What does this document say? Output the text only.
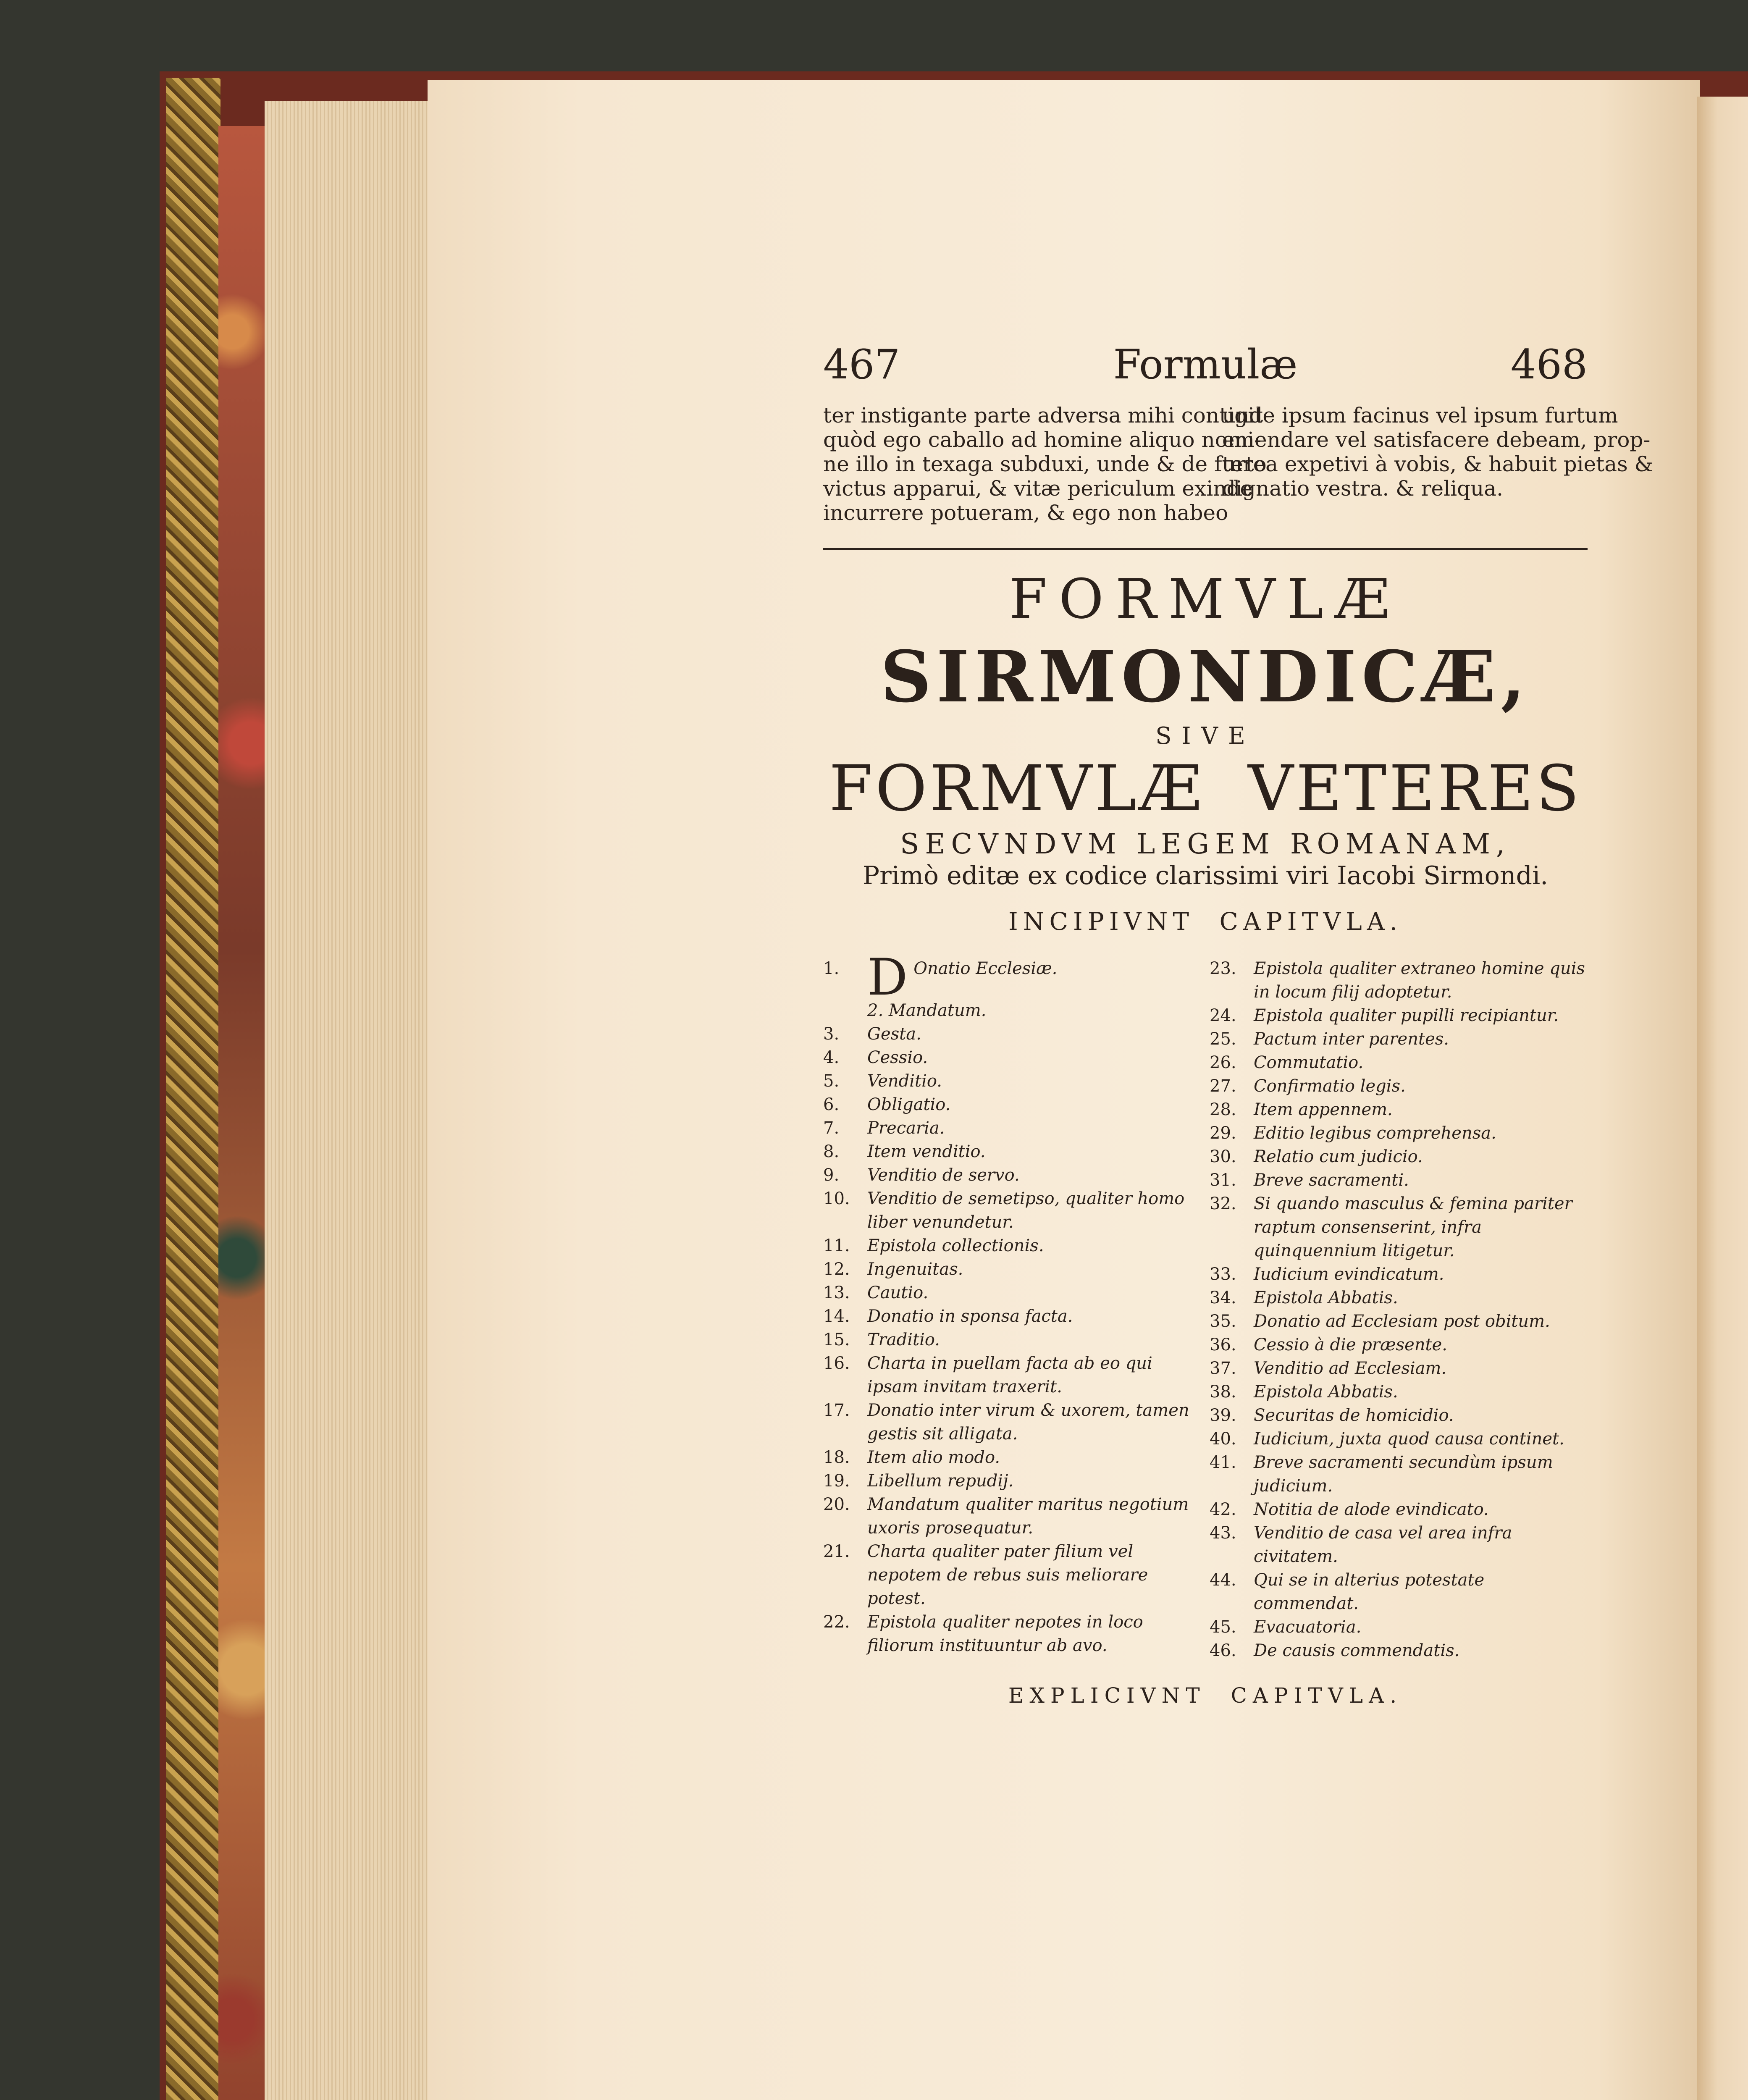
467	Formulæ	468
ter instigante parte adversa mihi contigit
quòd ego caballo ad homine aliquo nomi-
ne illo in texaga subduxi, unde & de furto
victus apparui, & vitæ periculum exinde
incurrere potueram, & ego non habeo
unde ipsum facinus vel ipsum furtum
emendare vel satisfacere debeam, prop-
terea expetivi à vobis, & habuit pietas &
dignatio vestra. & reliqua.
FORMVLÆ
SIRMONDICÆ,
SIVE
FORMVLÆ VETERES
SECVNDVM LEGEM ROMANAM,
Primò editæ ex codice clarissimi viri Iacobi Sirmondi.
INCIPIVNT CAPITVLA.
1. D Onatio Ecclesiæ.
2. Mandatum.
3.	Gesta.
4.	Cessio.
5.	Venditio.
6.	Obligatio.
7.	Precaria.
8.	Item venditio.
9.	Venditio de servo.
10.	Venditio de semetipso, qualiter homo liber venundetur.
11.	Epistola collectionis.
12.	Ingenuitas.
13.	Cautio.
14.	Donatio in sponsa facta.
15.	Traditio.
16.	Charta in puellam facta ab eo qui ipsam invitam traxerit.
17.	Donatio inter virum & uxorem, tamen gestis sit alligata.
18.	Item alio modo.
19.	Libellum repudij.
20.	Mandatum qualiter maritus negotium uxoris prosequatur.
21.	Charta qualiter pater filium vel nepotem de rebus suis meliorare potest.
22.	Epistola qualiter nepotes in loco filiorum instituuntur ab avo.
23.	Epistola qualiter extraneo homine quis in locum filij adoptetur.
24.	Epistola qualiter pupilli recipiantur.
25.	Pactum inter parentes.
26.	Commutatio.
27.	Confirmatio legis.
28.	Item appennem.
29.	Editio legibus comprehensa.
30.	Relatio cum judicio.
31.	Breve sacramenti.
32.	Si quando masculus & femina pariter raptum consenserint, infra quinquennium litigetur.
33.	Iudicium evindicatum.
34.	Epistola Abbatis.
35.	Donatio ad Ecclesiam post obitum.
36.	Cessio à die præsente.
37.	Venditio ad Ecclesiam.
38.	Epistola Abbatis.
39.	Securitas de homicidio.
40.	Iudicium, juxta quod causa continet.
41.	Breve sacramenti secundùm ipsum judicium.
42.	Notitia de alode evindicato.
43.	Venditio de casa vel area infra civitatem.
44.	Qui se in alterius potestate commendat.
45.	Evacuatoria.
46.	De causis commendatis.
EXPLICIVNT CAPITVLA.
